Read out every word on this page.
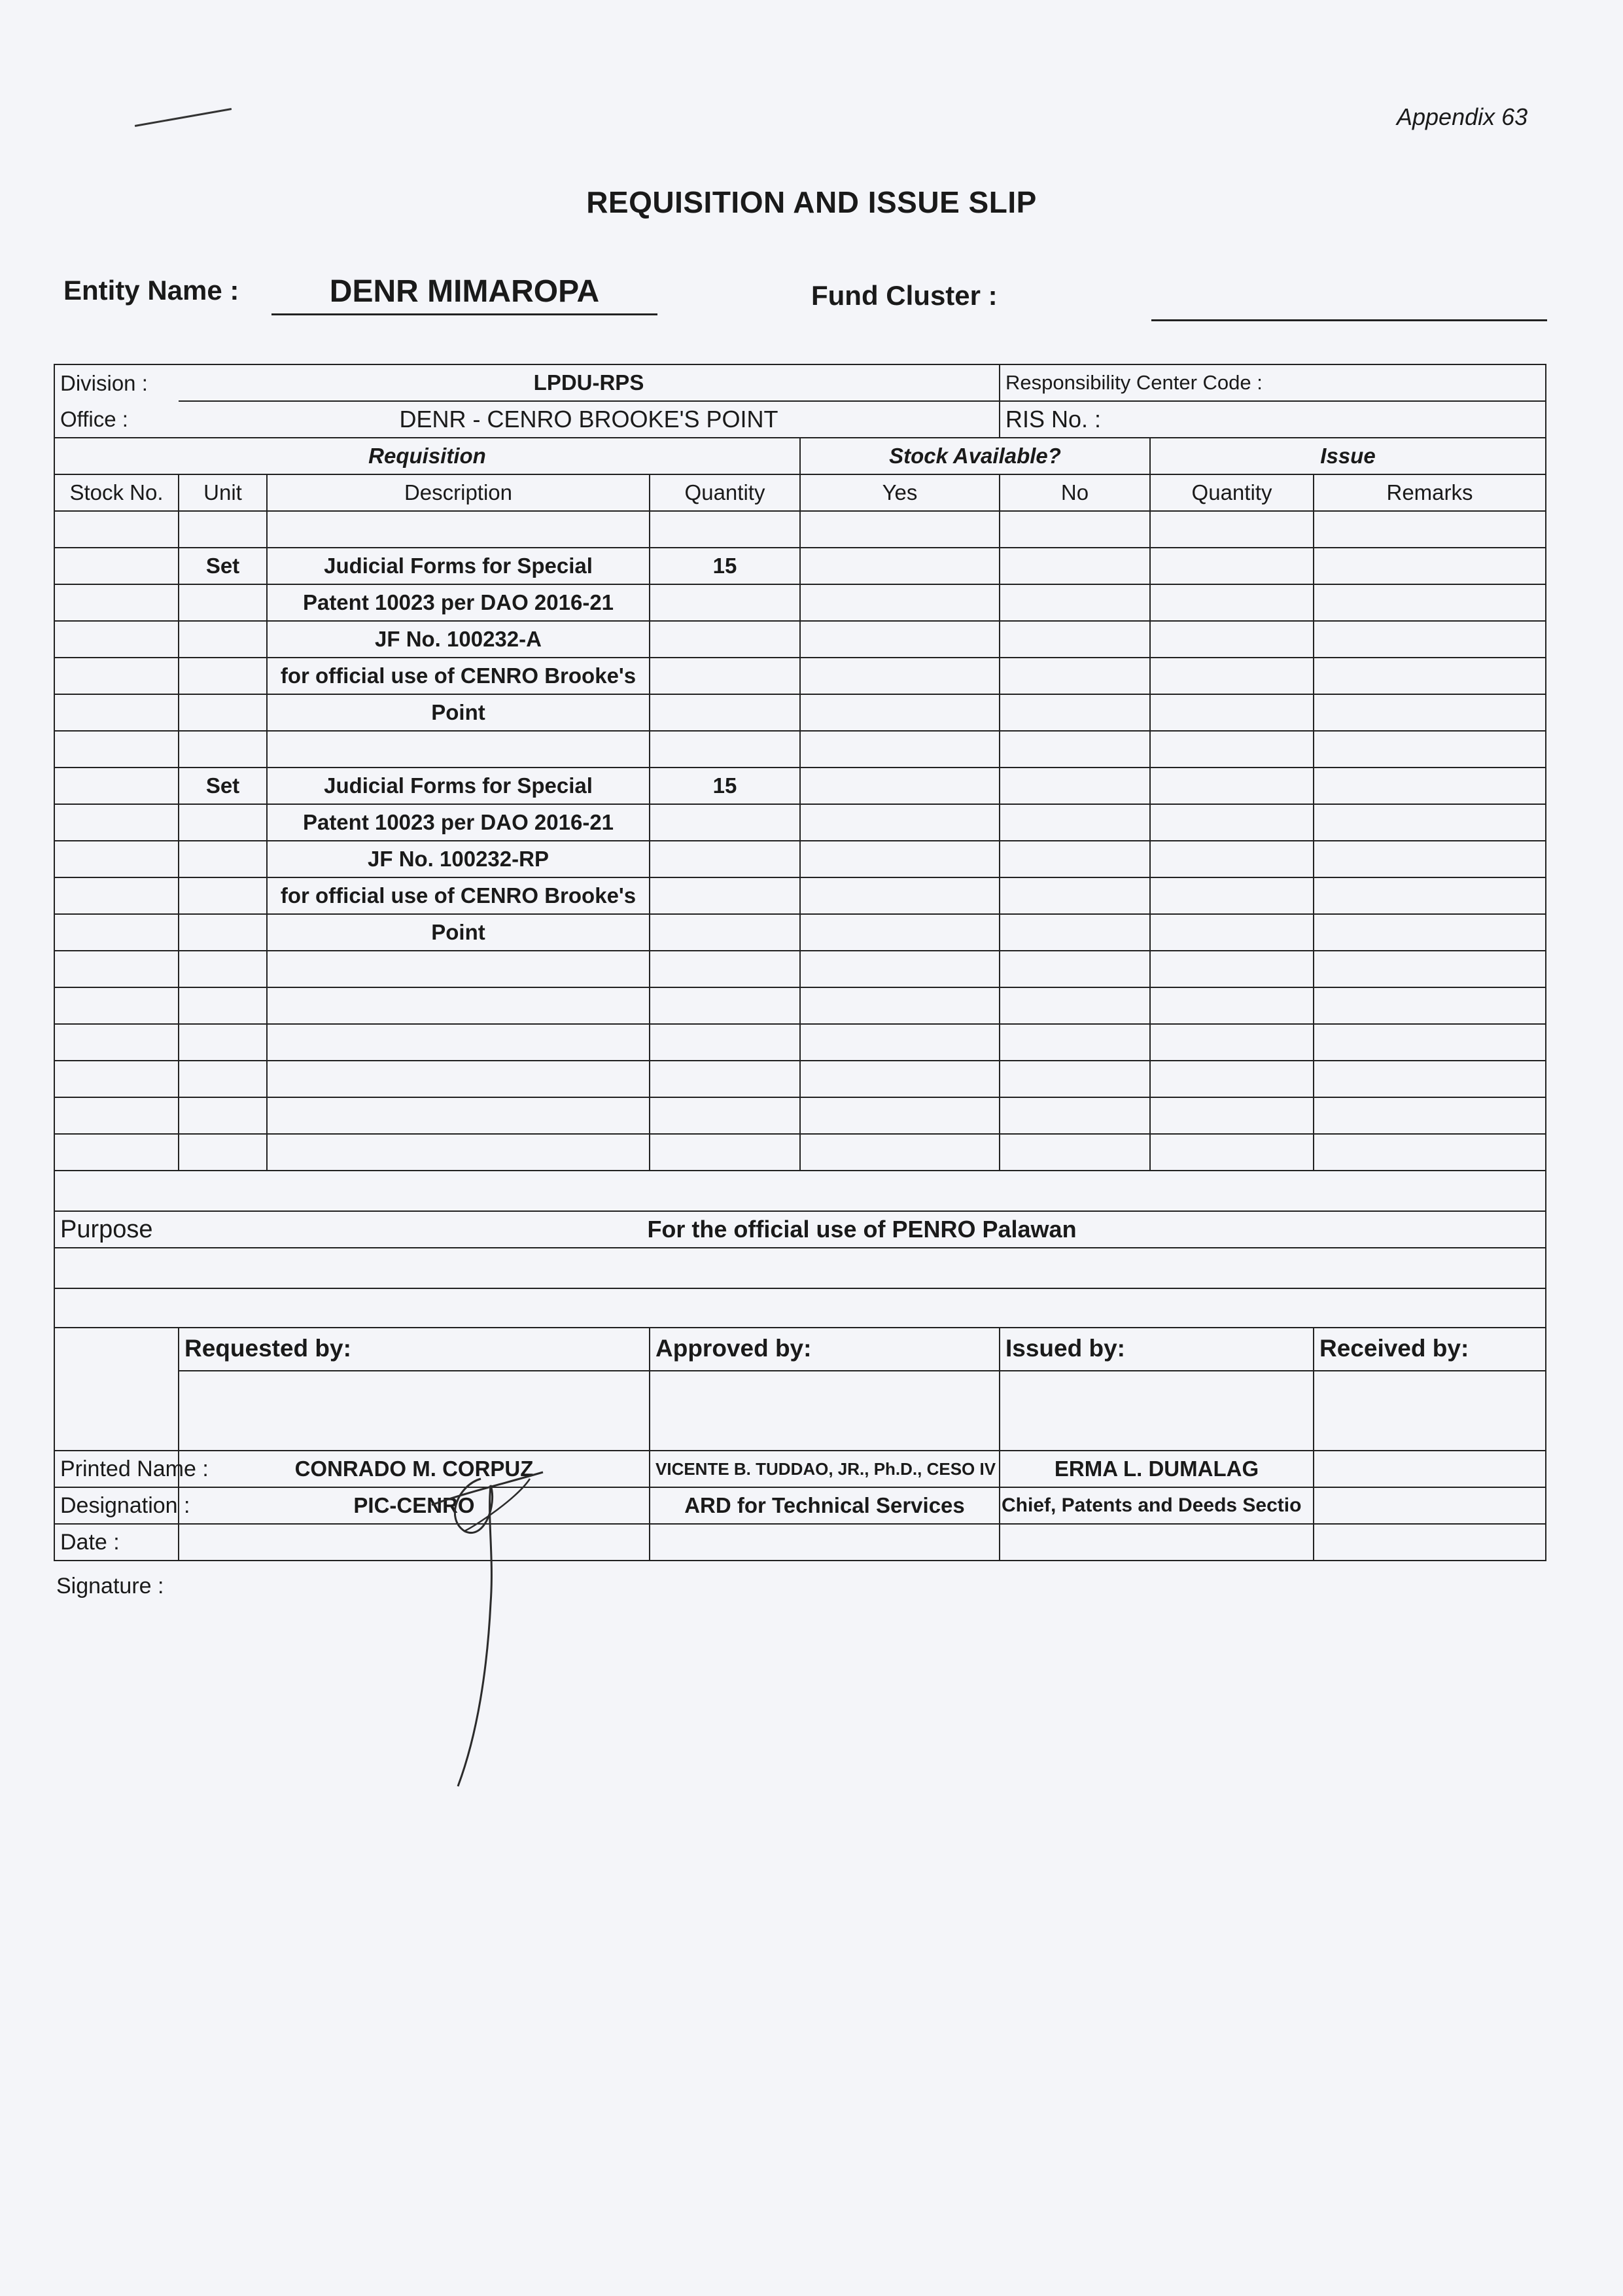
Appendix 63
REQUISITION AND ISSUE SLIP
Entity Name :	DENR MIMAROPA	Fund Cluster :
Division :	LPDU-RPS				Responsibility Center Code :		
Office :	DENR - CENRO BROOKE'S POINT				RIS No. :		
Requisition				Stock Available?		Issue	
Stock No.	Unit	Description	Quantity	Yes	No	Quantity	Remarks

	Set	Judicial Forms for Special	15				
		Patent 10023 per DAO 2016-21					
		JF No. 100232-A					
		for official use of CENRO Brooke's					
		Point					

	Set	Judicial Forms for Special	15				
		Patent 10023 per DAO 2016-21					
		JF No. 100232-RP					
		for official use of CENRO Brooke's					
		Point					

Purpose	For the official use of PENRO Palawan						

	Requested by:		Approved by:		Issued by:		Received by:

Printed Name :	CONRADO M. CORPUZ		VICENTE B. TUDDAO, JR., Ph.D., CESO IV		ERMA L. DUMALAG		
Designation :	PIC-CENRO		ARD for Technical Services		Chief, Patents and Deeds Sectio		
Date :							
Signature :
